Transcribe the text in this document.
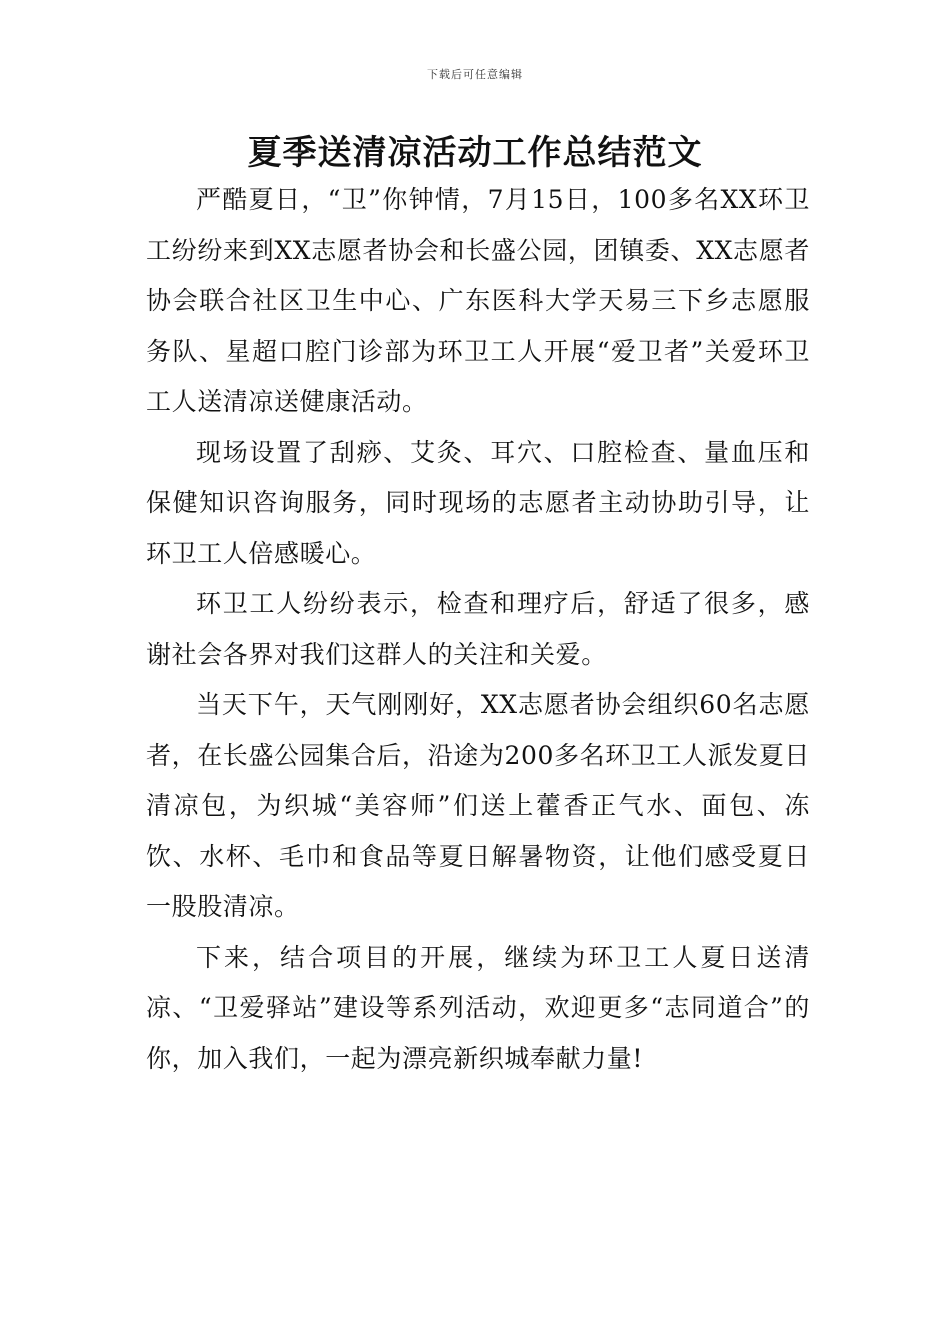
下载后可任意编辑
夏季送清凉活动工作总结范文

严酷夏日，“卫”你钟情，7月15日，100多名XX环卫工纷纷来到XX志愿者协会和长盛公园，团镇委、XX志愿者协会联合社区卫生中心、广东医科大学天易三下乡志愿服务队、星超口腔门诊部为环卫工人开展“爱卫者”关爱环卫工人送清凉送健康活动。

现场设置了刮痧、艾灸、耳穴、口腔检查、量血压和保健知识咨询服务，同时现场的志愿者主动协助引导，让环卫工人倍感暖心。

环卫工人纷纷表示，检查和理疗后，舒适了很多，感谢社会各界对我们这群人的关注和关爱。

当天下午，天气刚刚好，XX志愿者协会组织60名志愿者，在长盛公园集合后，沿途为200多名环卫工人派发夏日清凉包，为织城“美容师”们送上藿香正气水、面包、冻饮、水杯、毛巾和食品等夏日解暑物资，让他们感受夏日一股股清凉。

下来，结合项目的开展，继续为环卫工人夏日送清凉、“卫爱驿站”建设等系列活动，欢迎更多“志同道合”的你，加入我们，一起为漂亮新织城奉献力量!
